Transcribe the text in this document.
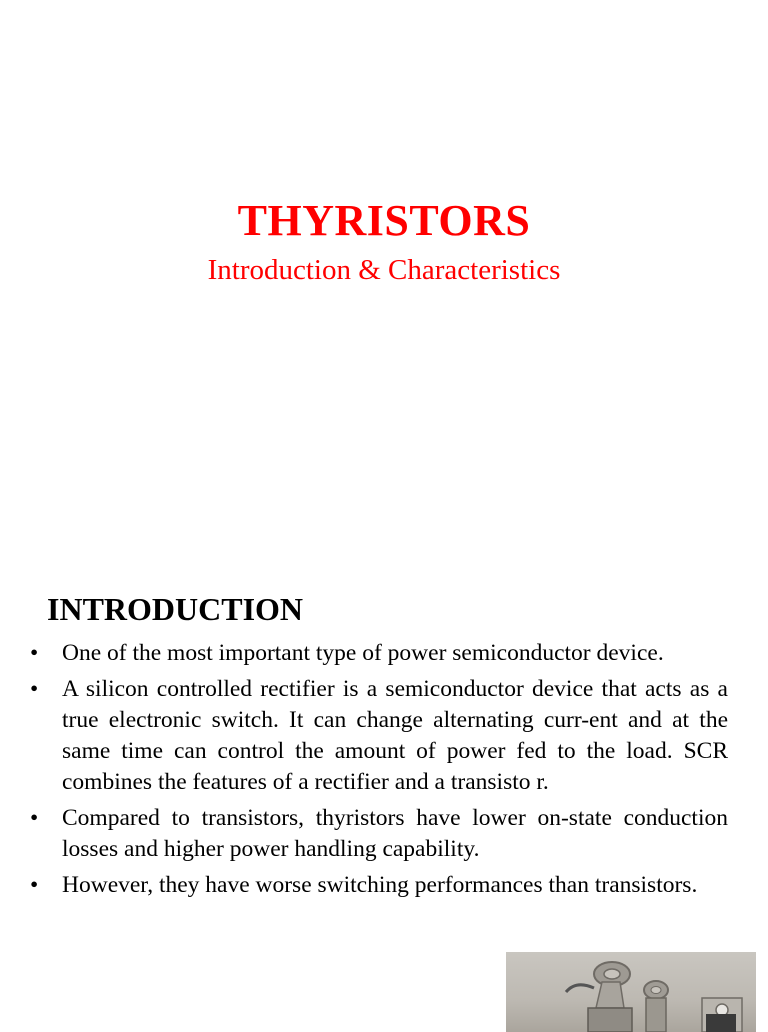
THYRISTORS
Introduction & Characteristics
INTRODUCTION
• One of the most important type of power semiconductor device.
• A silicon controlled rectifier is a semiconductor device that acts as a true electronic switch. It can change alternating curr-ent and at the same time can control the amount of power fed to the load. SCR combines the features of a rectifier and a transisto r.
• Compared to transistors, thyristors have lower on-state conduction losses and higher power handling capability.
• However, they have worse switching performances than transistors.
